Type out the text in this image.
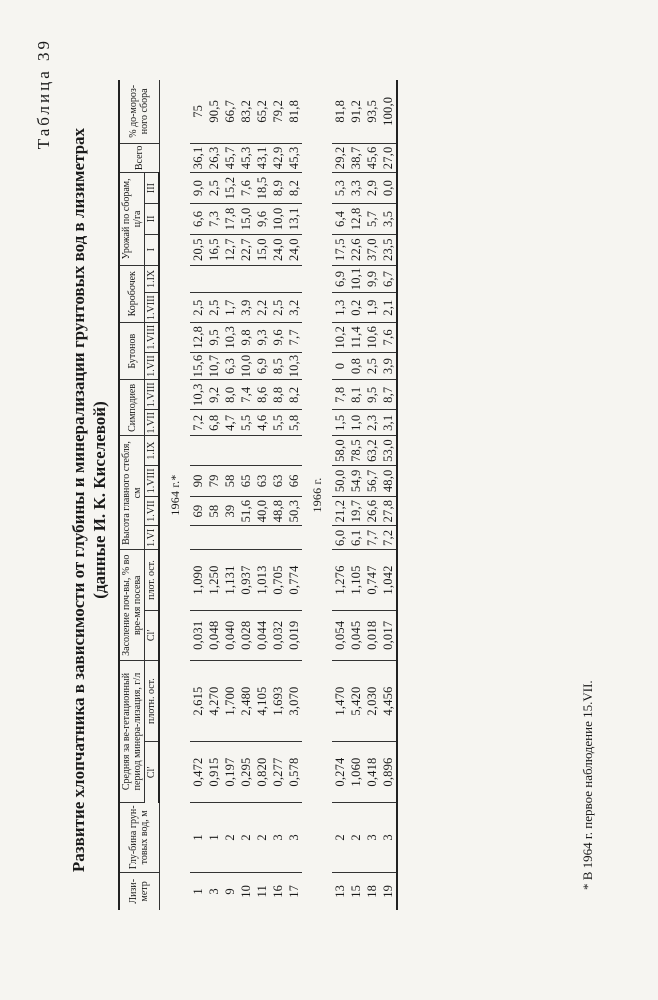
Таблица 39
Развитие хлопчатника в зависимости от глубины и минерализации грунтовых вод в лизиметрах (данные И. К. Киселевой)
Лизи-метр	Глу-бина грун-товых вод, м	Средняя за ве-гетационный период минера-лизация, г/л		Засоление поч-вы, % во вре-мя посева		Высота главного стебля, см				Симподиев		Бутонов		Коробочек		Урожай по сборам, ц/га			Всего	% до-мороз-ного сбора
		Cl′	плотн. ост.	Cl′	плот. ост.	1.VI	1.VII	1.VIII	1.IX	1.VII	1.VIII	1.VII	1.VIII	1.VIII	1.IX	I	II	III		
1964 г.*																				
1	1	0,472	2,615	0,031	1,090		69	90		7,2	10,3	15,6	12,8	2,5		20,5	6,6	9,0	36,1	75
3	1	0,915	4,270	0,048	1,250		58	79		6,8	9,2	10,7	9,5	2,5		16,5	7,3	2,5	26,3	90,5
9	2	0,197	1,700	0,040	1,131		39	58		4,7	8,0	6,3	10,3	1,7		12,7	17,8	15,2	45,7	66,7
10	2	0,295	2,480	0,028	0,937		51,6	65		5,5	7,4	10,0	9,8	3,9		22,7	15,0	7,6	45,3	83,2
11	2	0,820	4,105	0,044	1,013		40,0	63		4,6	8,6	6,9	9,3	2,2		15,0	9,6	18,5	43,1	65,2
16	3	0,277	1,693	0,032	0,705		48,8	63		5,5	8,8	8,5	9,6	2,5		24,0	10,0	8,9	42,9	79,2
17	3	0,578	3,070	0,019	0,774		50,3	66		5,8	8,2	10,3	7,7	3,2		24,0	13,1	8,2	45,3	81,8
1966 г.																				
13	2	0,274	1,470	0,054	1,276	6,0	21,2	50,0	58,0	1,5	7,8	0	10,2	1,3	6,9	17,5	6,4	5,3	29,2	81,8
15	2	1,060	5,420	0,045	1,105	6,1	19,7	54,9	78,5	1,0	8,1	0,8	11,4	0,2	10,1	22,6	12,8	3,3	38,7	91,2
18	3	0,418	2,030	0,018	0,747	7,7	26,6	56,7	63,2	2,3	9,5	2,5	10,6	1,9	9,9	37,0	5,7	2,9	45,6	93,5
19	3	0,896	4,456	0,017	1,042	7,2	27,8	48,0	53,0	3,1	8,7	3,9	7,6	2,1	6,7	23,5	3,5	0,0	27,0	100,0
* В 1964 г. первое наблюдение 15.VII.
